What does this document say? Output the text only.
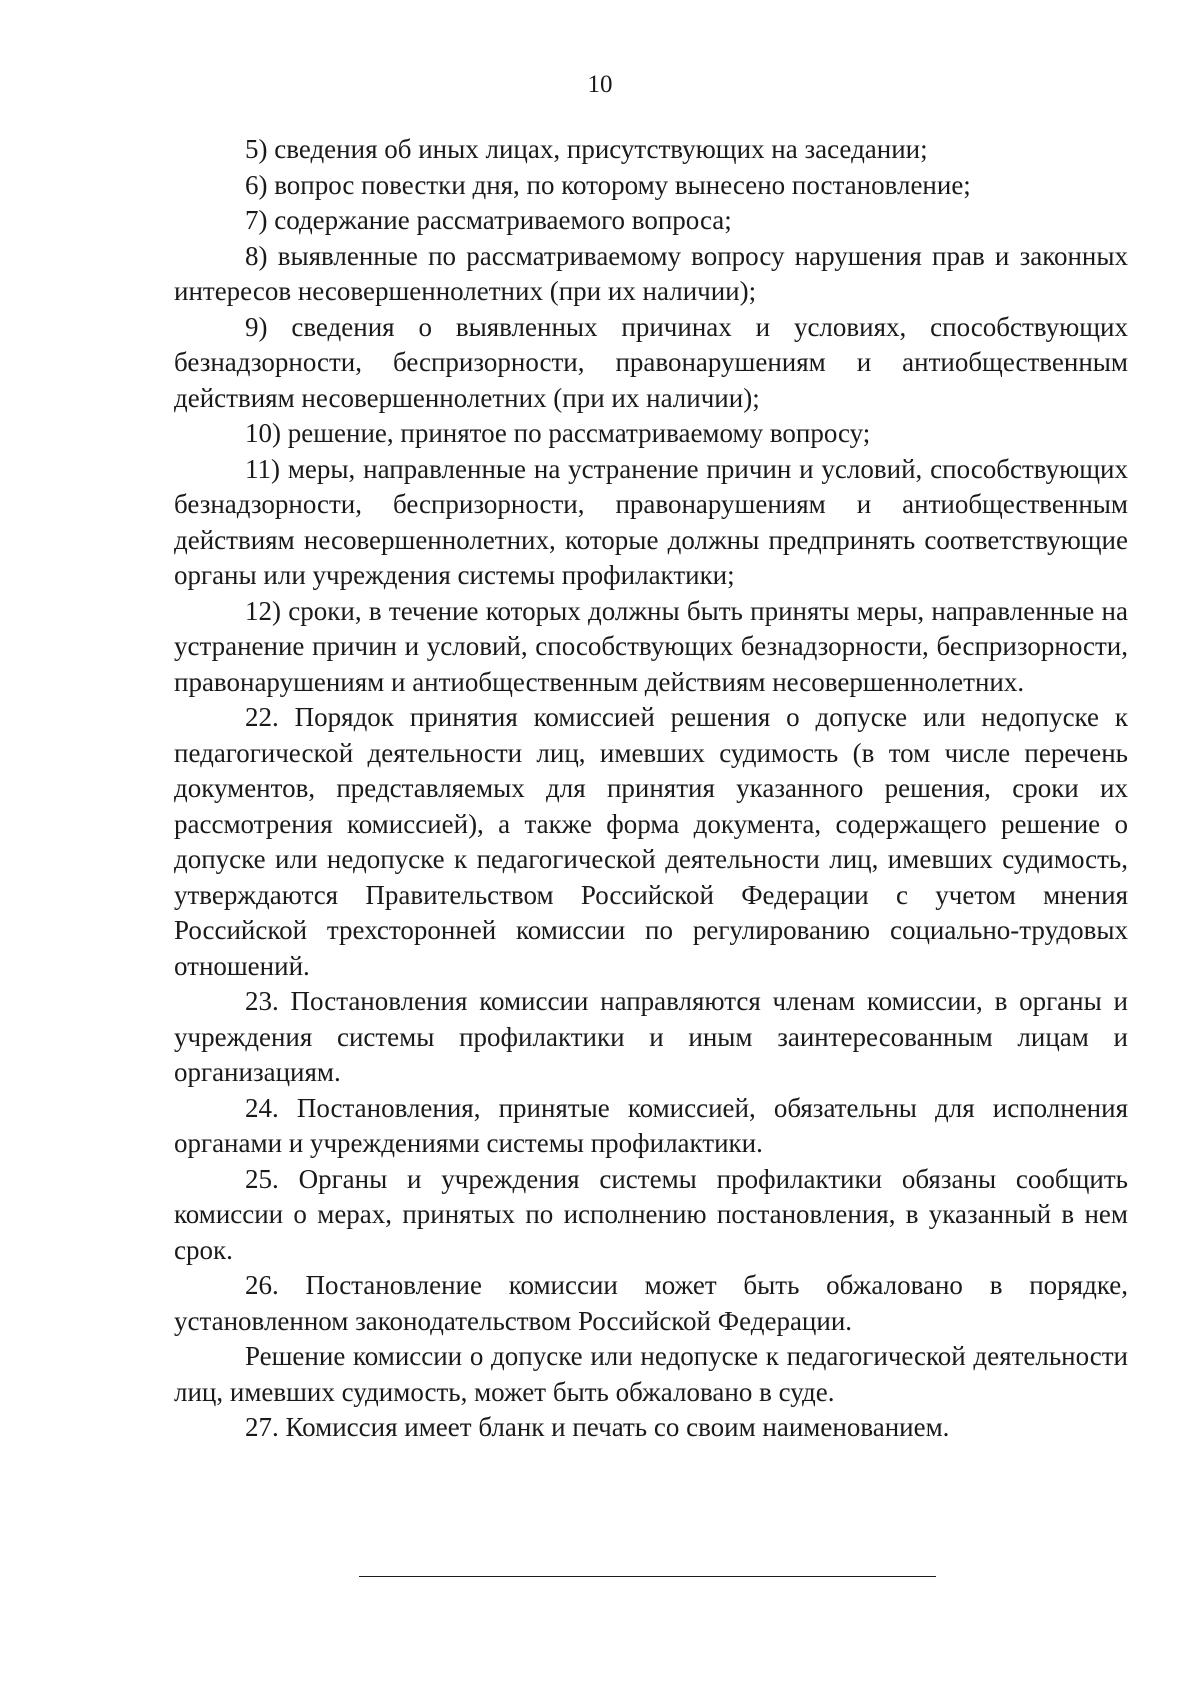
10

5) сведения об иных лицах, присутствующих на заседании;

6) вопрос повестки дня, по которому вынесено постановление;

7) содержание рассматриваемого вопроса;

8) выявленные по рассматриваемому вопросу нарушения прав и законных интересов несовершеннолетних (при их наличии);

9) сведения о выявленных причинах и условиях, способствующих безнадзорности, беспризорности, правонарушениям и антиобщественным действиям несовершеннолетних (при их наличии);

10) решение, принятое по рассматриваемому вопросу;

11) меры, направленные на устранение причин и условий, способствующих безнадзорности, беспризорности, правонарушениям и антиобщественным действиям несовершеннолетних, которые должны предпринять соответствующие органы или учреждения системы профилактики;

12) сроки, в течение которых должны быть приняты меры, направленные на устранение причин и условий, способствующих безнадзорности, беспризорности, правонарушениям и антиобщественным действиям несовершеннолетних.

22. Порядок принятия комиссией решения о допуске или недопуске к педагогической деятельности лиц, имевших судимость (в том числе перечень документов, представляемых для принятия указанного решения, сроки их рассмотрения комиссией), а также форма документа, содержащего решение о допуске или недопуске к педагогической деятельности лиц, имевших судимость, утверждаются Правительством Российской Федерации с учетом мнения Российской трехсторонней комиссии по регулированию социально-трудовых отношений.

23. Постановления комиссии направляются членам комиссии, в органы и учреждения системы профилактики и иным заинтересованным лицам и организациям.

24. Постановления, принятые комиссией, обязательны для исполнения органами и учреждениями системы профилактики.

25. Органы и учреждения системы профилактики обязаны сообщить комиссии о мерах, принятых по исполнению постановления, в указанный в нем срок.

26. Постановление комиссии может быть обжаловано в порядке, установленном законодательством Российской Федерации.

Решение комиссии о допуске или недопуске к педагогической деятельности лиц, имевших судимость, может быть обжаловано в суде.

27. Комиссия имеет бланк и печать со своим наименованием.
